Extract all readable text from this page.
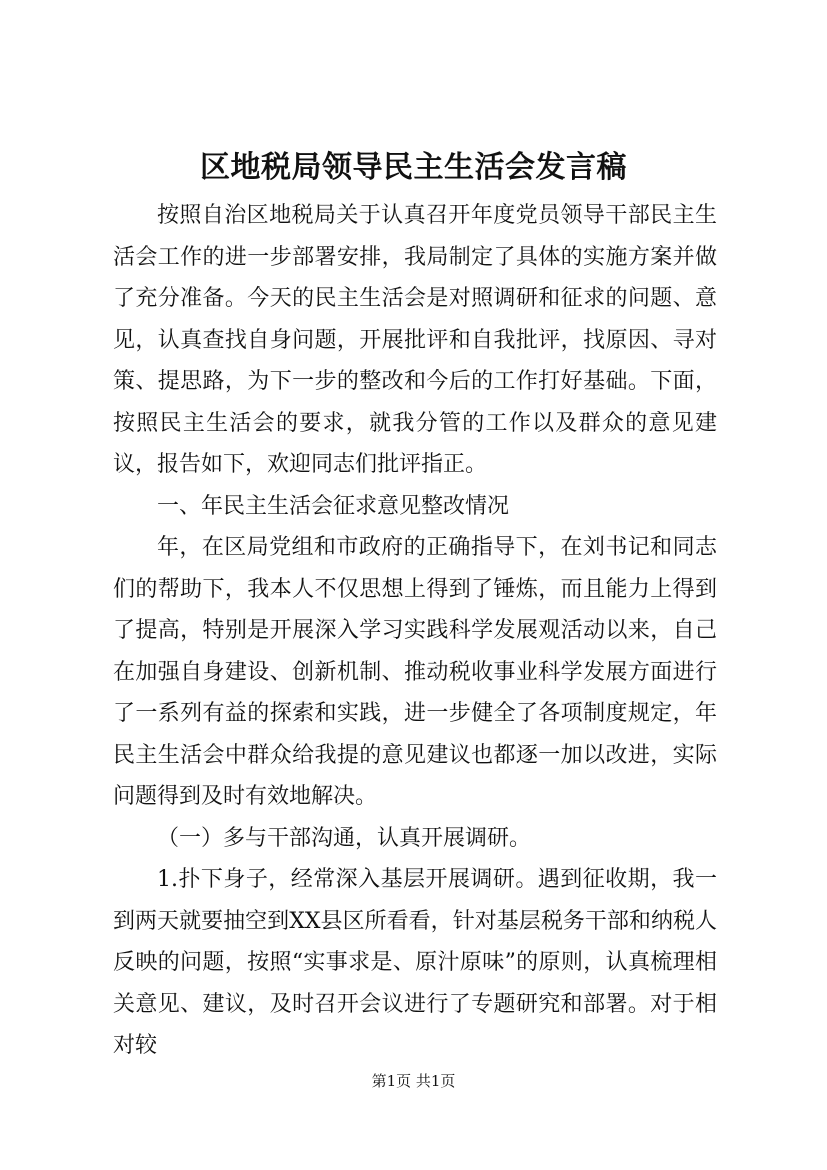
区地税局领导民主生活会发言稿

按照自治区地税局关于认真召开年度党员领导干部民主生活会工作的进一步部署安排，我局制定了具体的实施方案并做了充分准备。今天的民主生活会是对照调研和征求的问题、意见，认真查找自身问题，开展批评和自我批评，找原因、寻对策、提思路，为下一步的整改和今后的工作打好基础。下面，按照民主生活会的要求，就我分管的工作以及群众的意见建议，报告如下，欢迎同志们批评指正。

一、年民主生活会征求意见整改情况

年，在区局党组和市政府的正确指导下，在刘书记和同志们的帮助下，我本人不仅思想上得到了锤炼，而且能力上得到了提高，特别是开展深入学习实践科学发展观活动以来，自己在加强自身建设、创新机制、推动税收事业科学发展方面进行了一系列有益的探索和实践，进一步健全了各项制度规定，年民主生活会中群众给我提的意见建议也都逐一加以改进，实际问题得到及时有效地解决。

（一）多与干部沟通，认真开展调研。

1.扑下身子，经常深入基层开展调研。遇到征收期，我一到两天就要抽空到XX县区所看看，针对基层税务干部和纳税人反映的问题，按照“实事求是、原汁原味”的原则，认真梳理相关意见、建议，及时召开会议进行了专题研究和部署。对于相对较

第1页 共1页
